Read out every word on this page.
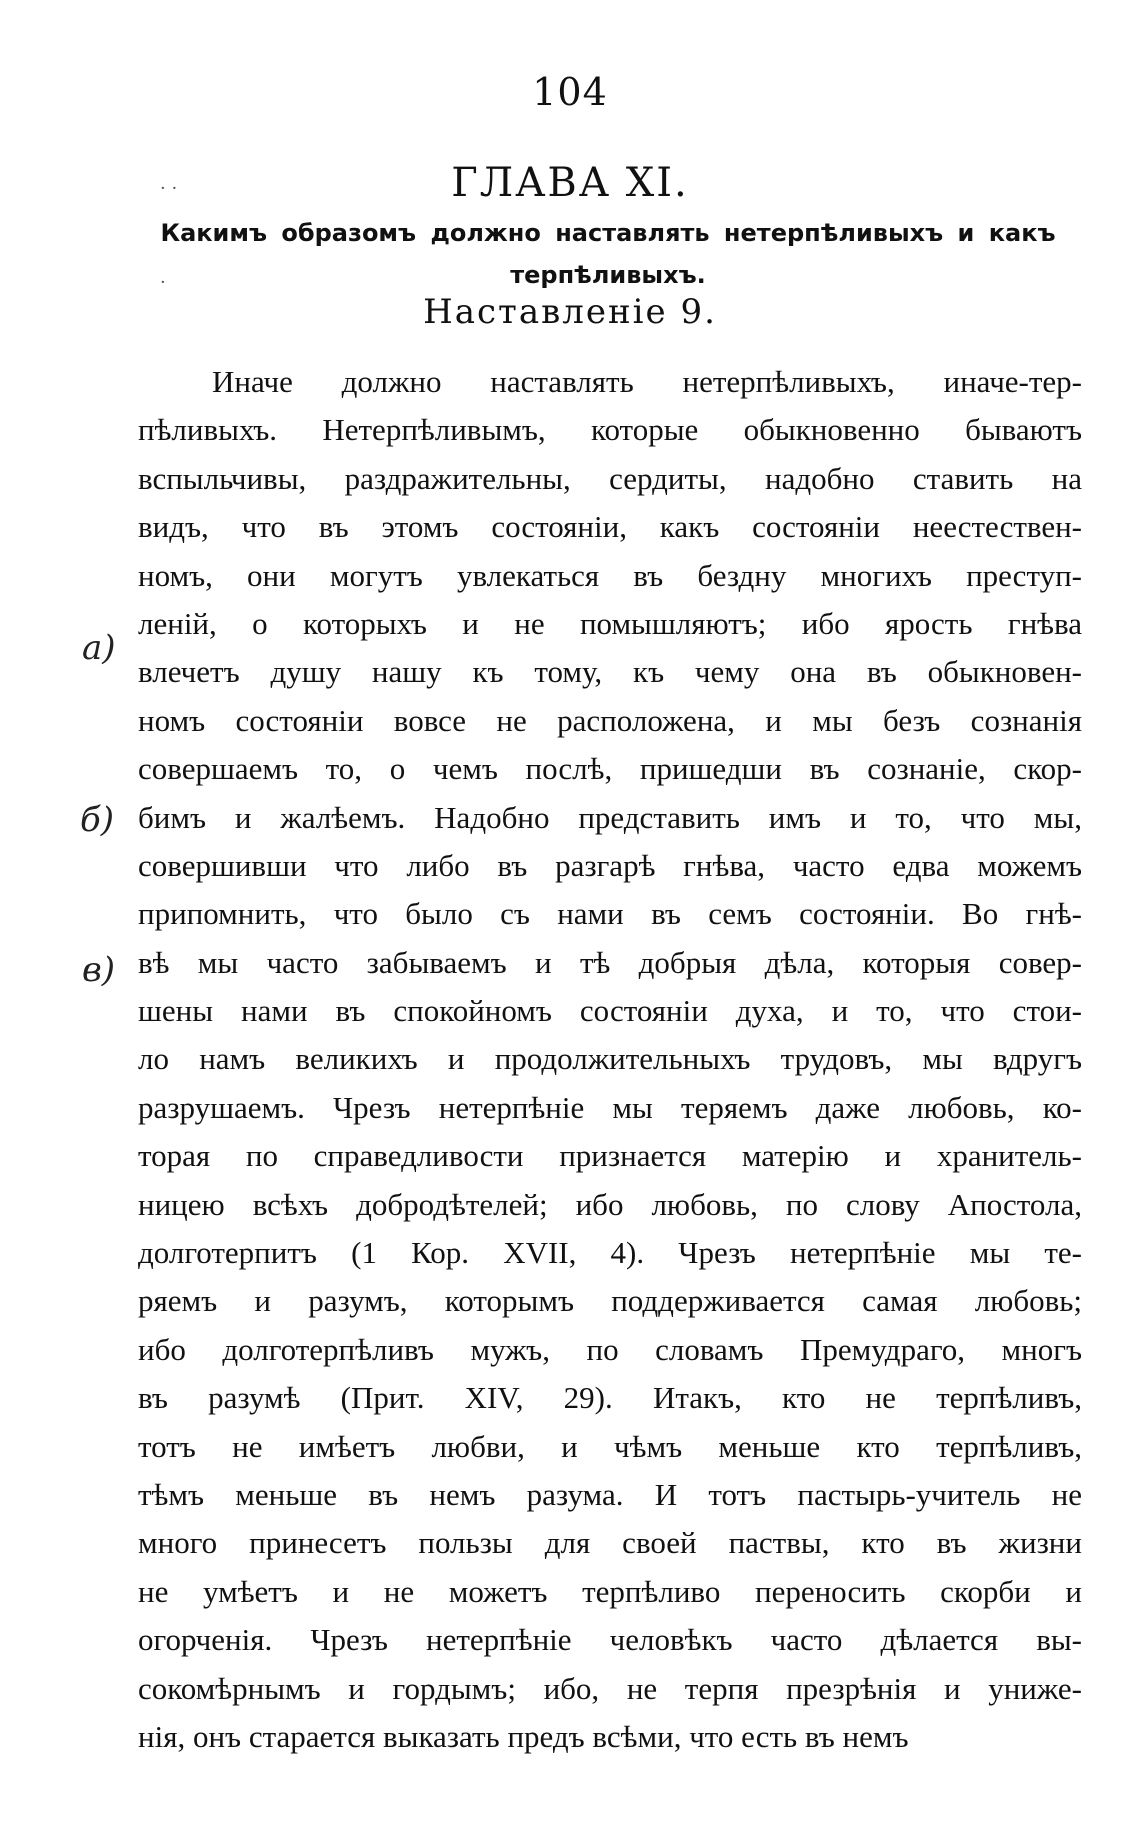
104
ГЛАВА XI.
Какимъ образомъ должно наставлять нетерпѣливыхъ и какъ терпѣливыхъ.
Наставленіе 9.
· ·
·
а)
б)
в)
Иначе должно наставлять нетерпѣливыхъ, иначе-тер-
пѣливыхъ. Нетерпѣливымъ, которые обыкновенно бываютъ
вспыльчивы, раздражительны, сердиты, надобно ставить на
видъ, что въ этомъ состояніи, какъ состояніи неестествен-
номъ, они могутъ увлекаться въ бездну многихъ преступ-
леній, о которыхъ и не помышляютъ; ибо ярость гнѣва
влечетъ душу нашу къ тому, къ чему она въ обыкновен-
номъ состояніи вовсе не расположена, и мы безъ сознанія
совершаемъ то, о чемъ послѣ, пришедши въ сознаніе, скор-
бимъ и жалѣемъ. Надобно представить имъ и то, что мы,
совершивши что либо въ разгарѣ гнѣва, часто едва можемъ
припомнить, что было съ нами въ семъ состояніи. Во гнѣ-
вѣ мы часто забываемъ и тѣ добрыя дѣла, которыя совер-
шены нами въ спокойномъ состояніи духа, и то, что стои-
ло намъ великихъ и продолжительныхъ трудовъ, мы вдругъ
разрушаемъ. Чрезъ нетерпѣніе мы теряемъ даже любовь, ко-
торая по справедливости признается матерію и хранитель-
ницею всѣхъ добродѣтелей; ибо любовь, по слову Апостола,
долготерпитъ (1 Кор. XVII, 4). Чрезъ нетерпѣніе мы те-
ряемъ и разумъ, которымъ поддерживается самая любовь;
ибо долготерпѣливъ мужъ, по словамъ Премудраго, многъ
въ разумѣ (Прит. XIV, 29). Итакъ, кто не терпѣливъ,
тотъ не имѣетъ любви, и чѣмъ меньше кто терпѣливъ,
тѣмъ меньше въ немъ разума. И тотъ пастырь-учитель не
много принесетъ пользы для своей паствы, кто въ жизни
не умѣетъ и не можетъ терпѣливо переносить скорби и
огорченія. Чрезъ нетерпѣніе человѣкъ часто дѣлается вы-
сокомѣрнымъ и гордымъ; ибо, не терпя презрѣнія и униже-
нія, онъ старается выказать предъ всѣми, что есть въ немъ
